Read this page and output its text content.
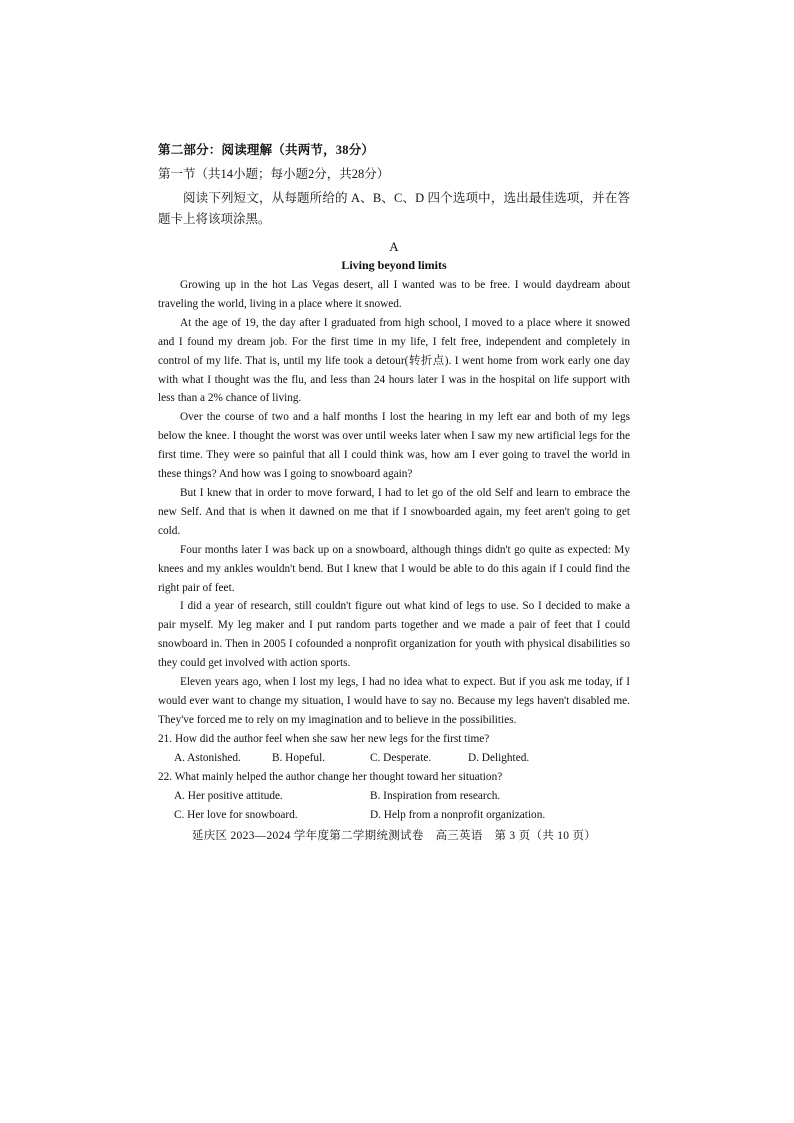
第二部分：阅读理解（共两节，38分）
第一节（共14小题；每小题2分，共28分）
阅读下列短文，从每题所给的 A、B、C、D 四个选项中，选出最佳选项，并在答题卡上将该项涂黑。
A
Living beyond limits

Growing up in the hot Las Vegas desert, all I wanted was to be free. I would daydream about traveling the world, living in a place where it snowed.

At the age of 19, the day after I graduated from high school, I moved to a place where it snowed and I found my dream job. For the first time in my life, I felt free, independent and completely in control of my life. That is, until my life took a detour(转折点). I went home from work early one day with what I thought was the flu, and less than 24 hours later I was in the hospital on life support with less than a 2% chance of living.

Over the course of two and a half months I lost the hearing in my left ear and both of my legs below the knee. I thought the worst was over until weeks later when I saw my new artificial legs for the first time. They were so painful that all I could think was, how am I ever going to travel the world in these things? And how was I going to snowboard again?

But I knew that in order to move forward, I had to let go of the old Self and learn to embrace the new Self. And that is when it dawned on me that if I snowboarded again, my feet aren't going to get cold.

Four months later I was back up on a snowboard, although things didn't go quite as expected: My knees and my ankles wouldn't bend. But I knew that I would be able to do this again if I could find the right pair of feet.

I did a year of research, still couldn't figure out what kind of legs to use. So I decided to make a pair myself. My leg maker and I put random parts together and we made a pair of feet that I could snowboard in. Then in 2005 I cofounded a nonprofit organization for youth with physical disabilities so they could get involved with action sports.

Eleven years ago, when I lost my legs, I had no idea what to expect. But if you ask me today, if I would ever want to change my situation, I would have to say no. Because my legs haven't disabled me. They've forced me to rely on my imagination and to believe in the possibilities.

21. How did the author feel when she saw her new legs for the first time?
A. Astonished.	B. Hopeful.	C. Desperate.	D. Delighted.
22. What mainly helped the author change her thought toward her situation?
A. Her positive attitude.	B. Inspiration from research.
C. Her love for snowboard.	D. Help from a nonprofit organization.
延庆区 2023—2024 学年度第二学期统测试卷　高三英语　第 3 页（共 10 页）
